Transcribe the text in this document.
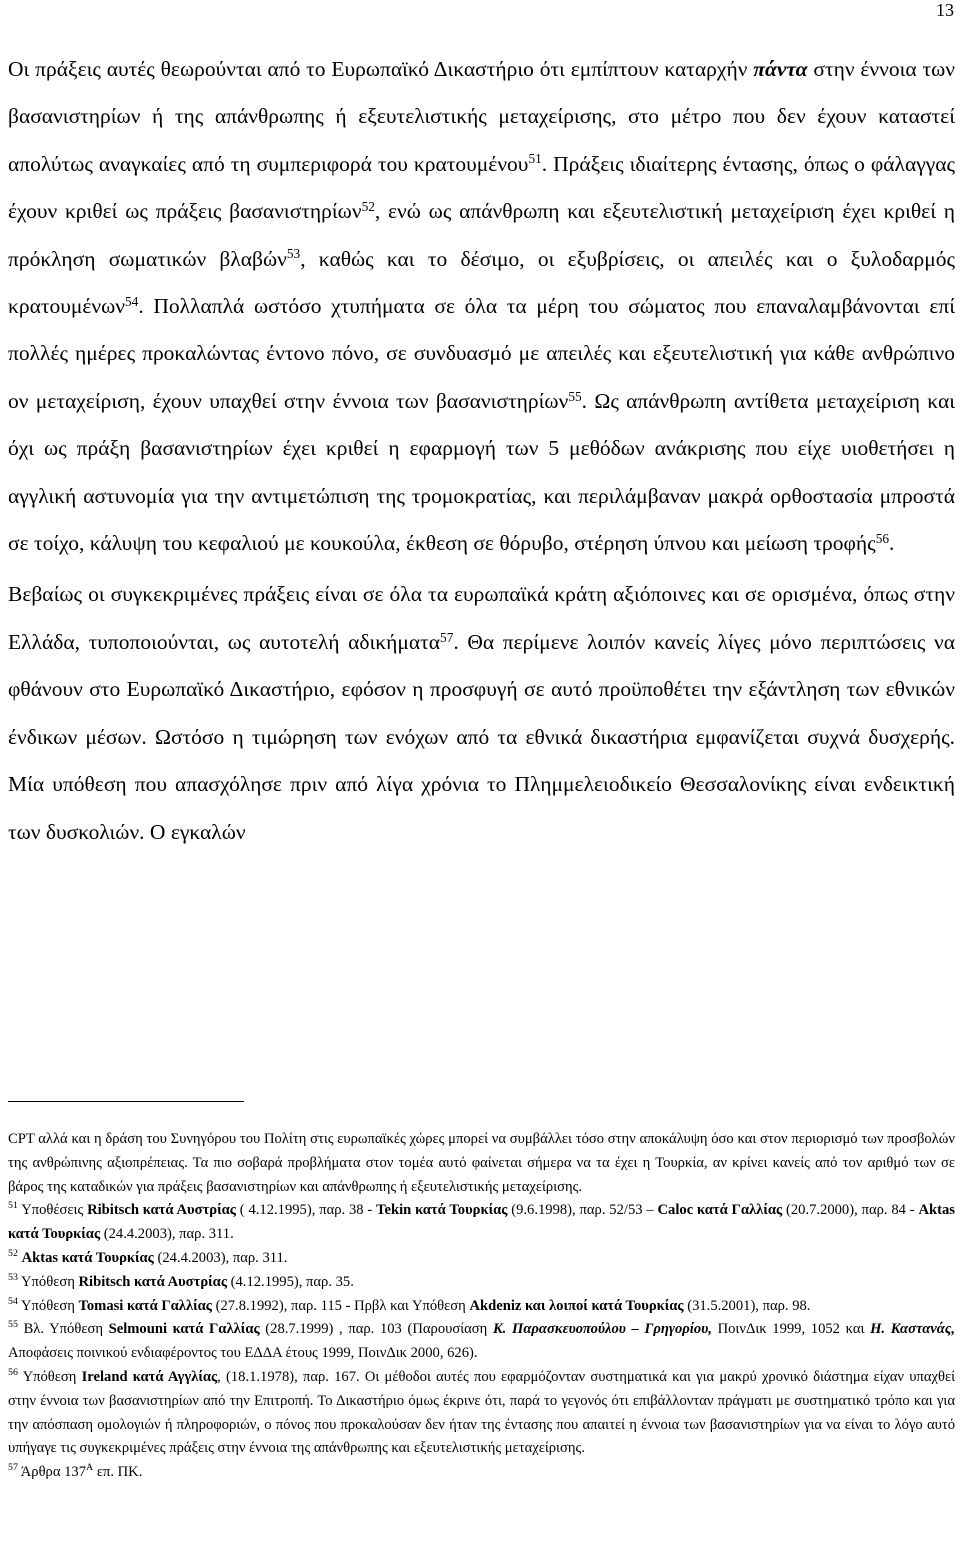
13

Οι πράξεις αυτές θεωρούνται από το Ευρωπαϊκό Δικαστήριο ότι εμπίπτουν καταρχήν πάντα στην έννοια των βασανιστηρίων ή της απάνθρωπης ή εξευτελιστικής μεταχείρισης, στο μέτρο που δεν έχουν καταστεί απολύτως αναγκαίες από τη συμπεριφορά του κρατουμένου$^{51}$. Πράξεις ιδιαίτερης έντασης, όπως ο φάλαγγας έχουν κριθεί ως πράξεις βασανιστηρίων$^{52}$, ενώ ως απάνθρωπη και εξευτελιστική μεταχείριση έχει κριθεί η πρόκληση σωματικών βλαβών$^{53}$, καθώς και το δέσιμο, οι εξυβρίσεις, οι απειλές και ο ξυλοδαρμός κρατουμένων$^{54}$. Πολλαπλά ωστόσο χτυπήματα σε όλα τα μέρη του σώματος που επαναλαμβάνονται επί πολλές ημέρες προκαλώντας έντονο πόνο, σε συνδυασμό με απειλές και εξευτελιστική για κάθε ανθρώπινο ον μεταχείριση, έχουν υπαχθεί στην έννοια των βασανιστηρίων$^{55}$. Ως απάνθρωπη αντίθετα μεταχείριση και όχι ως πράξη βασανιστηρίων έχει κριθεί η εφαρμογή των 5 μεθόδων ανάκρισης που είχε υιοθετήσει η αγγλική αστυνομία για την αντιμετώπιση της τρομοκρατίας, και περιλάμβαναν μακρά ορθοστασία μπροστά σε τοίχο, κάλυψη του κεφαλιού με κουκούλα, έκθεση σε θόρυβο, στέρηση ύπνου και μείωση τροφής$^{56}$.

Βεβαίως οι συγκεκριμένες πράξεις είναι σε όλα τα ευρωπαϊκά κράτη αξιόποινες και σε ορισμένα, όπως στην Ελλάδα, τυποποιούνται, ως αυτοτελή αδικήματα$^{57}$. Θα περίμενε λοιπόν κανείς λίγες μόνο περιπτώσεις να φθάνουν στο Ευρωπαϊκό Δικαστήριο, εφόσον η προσφυγή σε αυτό προϋποθέτει την εξάντληση των εθνικών ένδικων μέσων. Ωστόσο η τιμώρηση των ενόχων από τα εθνικά δικαστήρια εμφανίζεται συχνά δυσχερής. Μία υπόθεση που απασχόλησε πριν από λίγα χρόνια το Πλημμελειοδικείο Θεσσαλονίκης είναι ενδεικτική των δυσκολιών. Ο εγκαλών

CPT αλλά και η δράση του Συνηγόρου του Πολίτη στις ευρωπαϊκές χώρες μπορεί να συμβάλλει τόσο στην αποκάλυψη όσο και στον περιορισμό των προσβολών της ανθρώπινης αξιοπρέπειας. Τα πιο σοβαρά προβλήματα στον τομέα αυτό φαίνεται σήμερα να τα έχει η Τουρκία, αν κρίνει κανείς από τον αριθμό των σε βάρος της καταδικών για πράξεις βασανιστηρίων και απάνθρωπης ή εξευτελιστικής μεταχείρισης.

$^{51}$ Υποθέσεις Ribitsch κατά Αυστρίας ( 4.12.1995), παρ. 38 - Tekin κατά Τουρκίας (9.6.1998), παρ. 52/53 – Caloc κατά Γαλλίας (20.7.2000), παρ. 84 - Aktas κατά Τουρκίας (24.4.2003), παρ. 311.

$^{52}$ Aktas κατά Τουρκίας (24.4.2003), παρ. 311.

$^{53}$ Υπόθεση Ribitsch κατά Αυστρίας (4.12.1995), παρ. 35.

$^{54}$ Υπόθεση Tomasi κατά Γαλλίας (27.8.1992), παρ. 115 - Πρβλ και Υπόθεση Akdeniz και λοιποί κατά Τουρκίας (31.5.2001), παρ. 98.

$^{55}$ Βλ. Υπόθεση Selmouni κατά Γαλλίας (28.7.1999) , παρ. 103 (Παρουσίαση Κ. Παρασκευοπούλου – Γρηγορίου, ΠοινΔικ 1999, 1052 και Η. Καστανάς, Αποφάσεις ποινικού ενδιαφέροντος του ΕΔΔΑ έτους 1999, ΠοινΔικ 2000, 626).

$^{56}$ Υπόθεση Ireland κατά Αγγλίας, (18.1.1978), παρ. 167. Οι μέθοδοι αυτές που εφαρμόζονταν συστηματικά και για μακρύ χρονικό διάστημα είχαν υπαχθεί στην έννοια των βασανιστηρίων από την Επιτροπή. Το Δικαστήριο όμως έκρινε ότι, παρά το γεγονός ότι επιβάλλονταν πράγματι με συστηματικό τρόπο και για την απόσπαση ομολογιών ή πληροφοριών, ο πόνος που προκαλούσαν δεν ήταν της έντασης που απαιτεί η έννοια των βασανιστηρίων για να είναι το λόγο αυτό υπήγαγε τις συγκεκριμένες πράξεις στην έννοια της απάνθρωπης και εξευτελιστικής μεταχείρισης.

$^{57}$ Άρθρα $137^A$ επ. ΠΚ.
